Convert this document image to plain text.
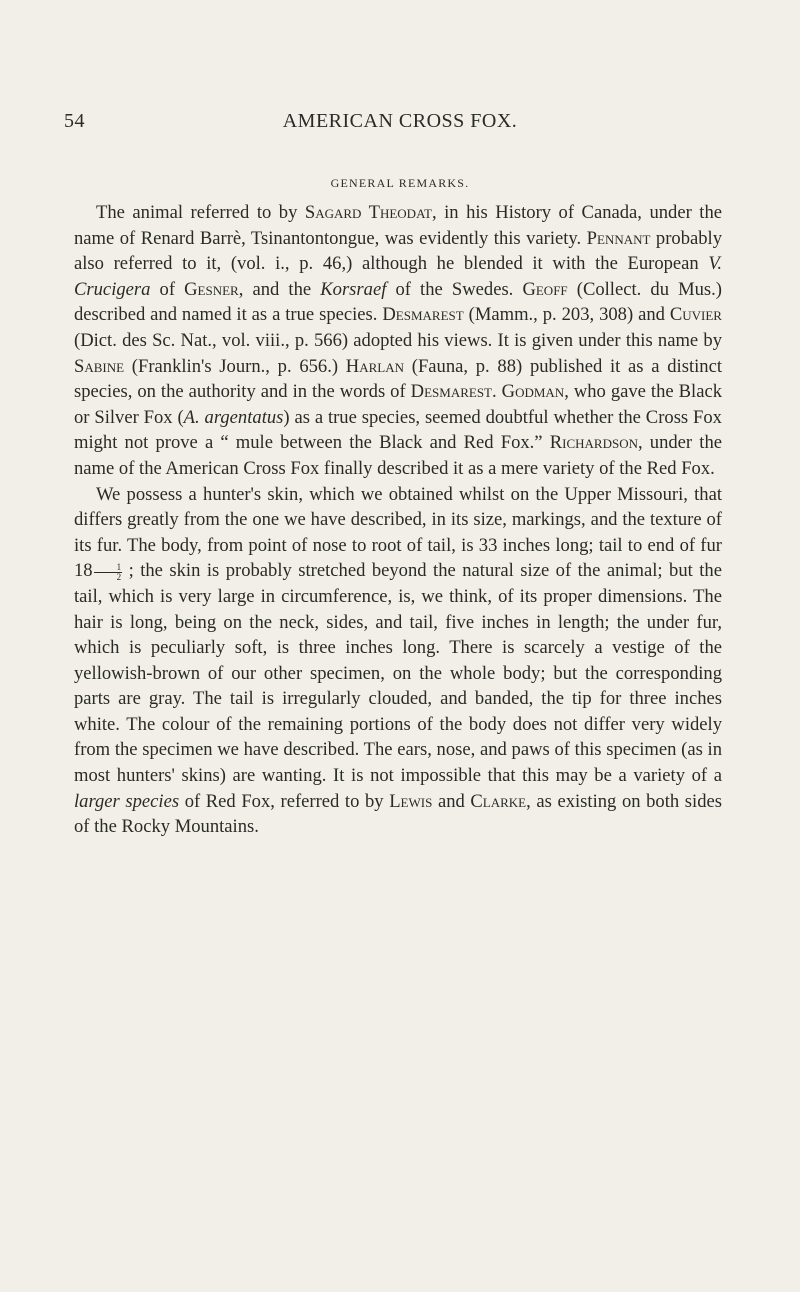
54	AMERICAN CROSS FOX.
GENERAL REMARKS.

The animal referred to by Sagard Theodat, in his History of Canada, under the name of Renard Barrè, Tsinantontongue, was evidently this variety. Pennant probably also referred to it, (vol. i., p. 46,) although he blended it with the European V. Crucigera of Gesner, and the Korsraef of the Swedes. Geoff (Collect. du Mus.) described and named it as a true species. Desmarest (Mamm., p. 203, 308) and Cuvier (Dict. des Sc. Nat., vol. viii., p. 566) adopted his views. It is given under this name by Sabine (Franklin's Journ., p. 656.) Harlan (Fauna, p. 88) published it as a distinct species, on the authority and in the words of Desmarest. Godman, who gave the Black or Silver Fox (A. argentatus) as a true species, seemed doubtful whether the Cross Fox might not prove a “ mule between the Black and Red Fox.” Richardson, under the name of the American Cross Fox finally described it as a mere variety of the Red Fox.

We possess a hunter's skin, which we obtained whilst on the Upper Missouri, that differs greatly from the one we have described, in its size, markings, and the texture of its fur. The body, from point of nose to root of tail, is 33 inches long; tail to end of fur $18 \frac{1}{2}$ ; the skin is probably stretched beyond the natural size of the animal; but the tail, which is very large in circumference, is, we think, of its proper dimensions. The hair is long, being on the neck, sides, and tail, five inches in length; the under fur, which is peculiarly soft, is three inches long. There is scarcely a vestige of the yellowish-brown of our other specimen, on the whole body; but the corresponding parts are gray. The tail is irregularly clouded, and banded, the tip for three inches white. The colour of the remaining portions of the body does not differ very widely from the specimen we have described. The ears, nose, and paws of this specimen (as in most hunters' skins) are wanting. It is not impossible that this may be a variety of a larger species of Red Fox, referred to by Lewis and Clarke, as existing on both sides of the Rocky Mountains.
